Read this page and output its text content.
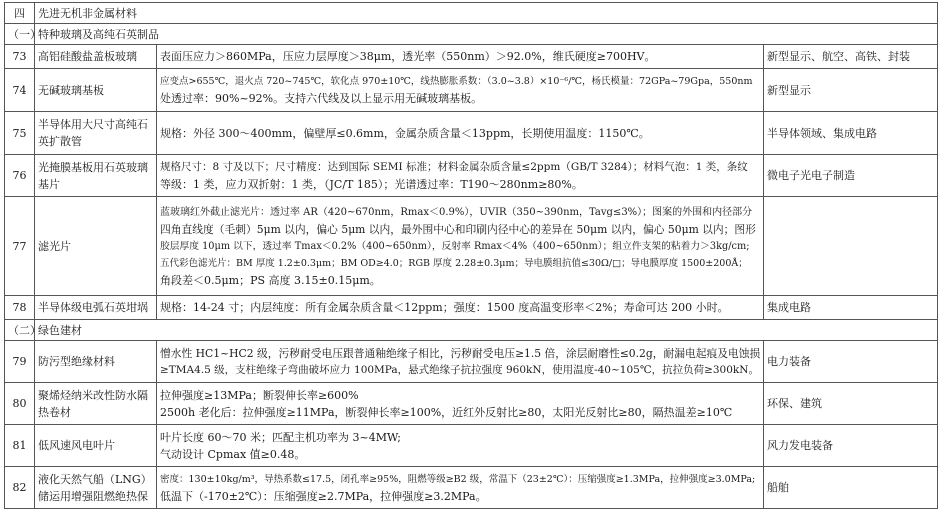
四	先进无机非金属材料		
（一）	特种玻璃及高纯石英制品		
73	高铝硅酸盐盖板玻璃	表面压应力＞860MPa，压应力层厚度＞38μm，透光率（550nm）＞92.0%，维氏硬度≥700HV。	新型显示、航空、高铁、封装
74	无碱玻璃基板	应变点>655℃，退火点 720~745℃，软化点 970±10℃，线热膨胀系数：（3.0~3.8）×10⁻⁶/℃，杨氏模量：72GPa~79Gpa，550nm
处透过率：90%~92%。支持六代线及以上显示用无碱玻璃基板。	新型显示
75	半导体用大尺寸高纯石英扩散管	规格：外径 300～400mm，偏壁厚≤0.6mm，金属杂质含量＜13ppm，长期使用温度：1150℃。	半导体领域、集成电路
76	光掩膜基板用石英玻璃基片	规格尺寸：8 寸及以下；尺寸精度：达到国际 SEMI 标准；材料金属杂质含量≤2ppm（GB/T 3284）；材料气泡：1 类，条纹
等级：1 类，应力双折射：1 类，（JC/T 185）；光谱透过率：T190～280nm≥80%。	微电子光电子制造
77	滤光片	蓝玻璃红外截止滤光片：透过率 AR（420~670nm，Rmax＜0.9%），UVIR（350~390nm，Tavg≤3%）；图案的外围和内径部分
四角直线度（毛刺）5μm 以内，偏心 5μm 以内，最外围中心和印刷内径中心的差异在 50μm 以内，偏心 50μm 以内；图形
胶层厚度 10μm 以下，透过率 Tmax＜0.2%（400~650nm），反射率 Rmax＜4%（400~650nm）；组立件支架的粘着力＞3kg/cm;
五代彩色滤光片：BM 厚度 1.2±0.3μm；BM OD≥4.0；RGB 厚度 2.28±0.3μm；导电膜组抗值≤30Ω/□；导电膜厚度 1500±200Å；
角段差＜0.5μm；PS 高度 3.15±0.15μm。	

78	半导体级电弧石英坩埚	规格：14-24 寸；内层纯度：所有金属杂质含量＜12ppm；强度：1500 度高温变形率＜2%；寿命可达 200 小时。	集成电路
（二）	绿色建材		
79	防污型绝缘材料	憎水性 HC1~HC2 级，污秽耐受电压跟普通釉绝缘子相比，污秽耐受电压≥1.5 倍，涂层耐磨性≤0.2g，耐漏电起痕及电蚀损
≥TMA4.5 级，支柱绝缘子弯曲破坏应力 100MPa，悬式绝缘子抗拉强度 960kN，使用温度-40~105℃，抗拉负荷≥300kN。	电力装备
80	聚烯烃纳米改性防水隔热卷材	拉伸强度≥13MPa；断裂伸长率≥600%
2500h 老化后：拉伸强度≥11MPa，断裂伸长率≥100%，近红外反射比≥80，太阳光反射比≥80，隔热温差≥10℃	环保、建筑
81	低风速风电叶片	叶片长度 60～70 米；匹配主机功率为 3~4MW;
气动设计 Cpmax 值≥0.48。	风力发电装备
82	液化天然气船（LNG）储运用增强阻燃绝热保	密度：130±10kg/m³，导热系数≤17.5，闭孔率≥95%，阻燃等级≥B2 级，常温下（23±2℃）：压缩强度≥1.3MPa，拉伸强度≥3.0MPa;
低温下（-170±2℃）：压缩强度≥2.7MPa，拉伸强度≥3.2MPa。	船舶
